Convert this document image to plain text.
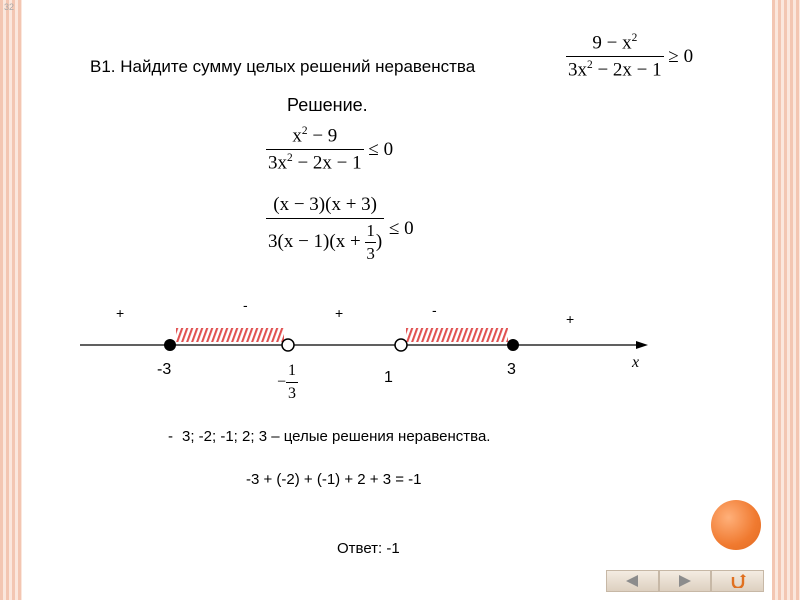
32
B1. Найдите сумму целых решений неравенства	$\frac{9 - x^2}{3x^2 - 2x - 1} \ge 0$
Решение.
$\frac{x^2 - 9}{3x^2 - 2x - 1} \le 0$
$\frac{(x - 3)(x + 3)}{3(x - 1)(x + \frac{1}{3} )} \le 0$
+	-	+	-
+
x
-3
− $\frac{1}{3}$	1	3
- 3; -2; -1; 2; 3 – целые решения неравенства.
-3 + (-2) + (-1) + 2 + 3 = -1
Ответ: -1
